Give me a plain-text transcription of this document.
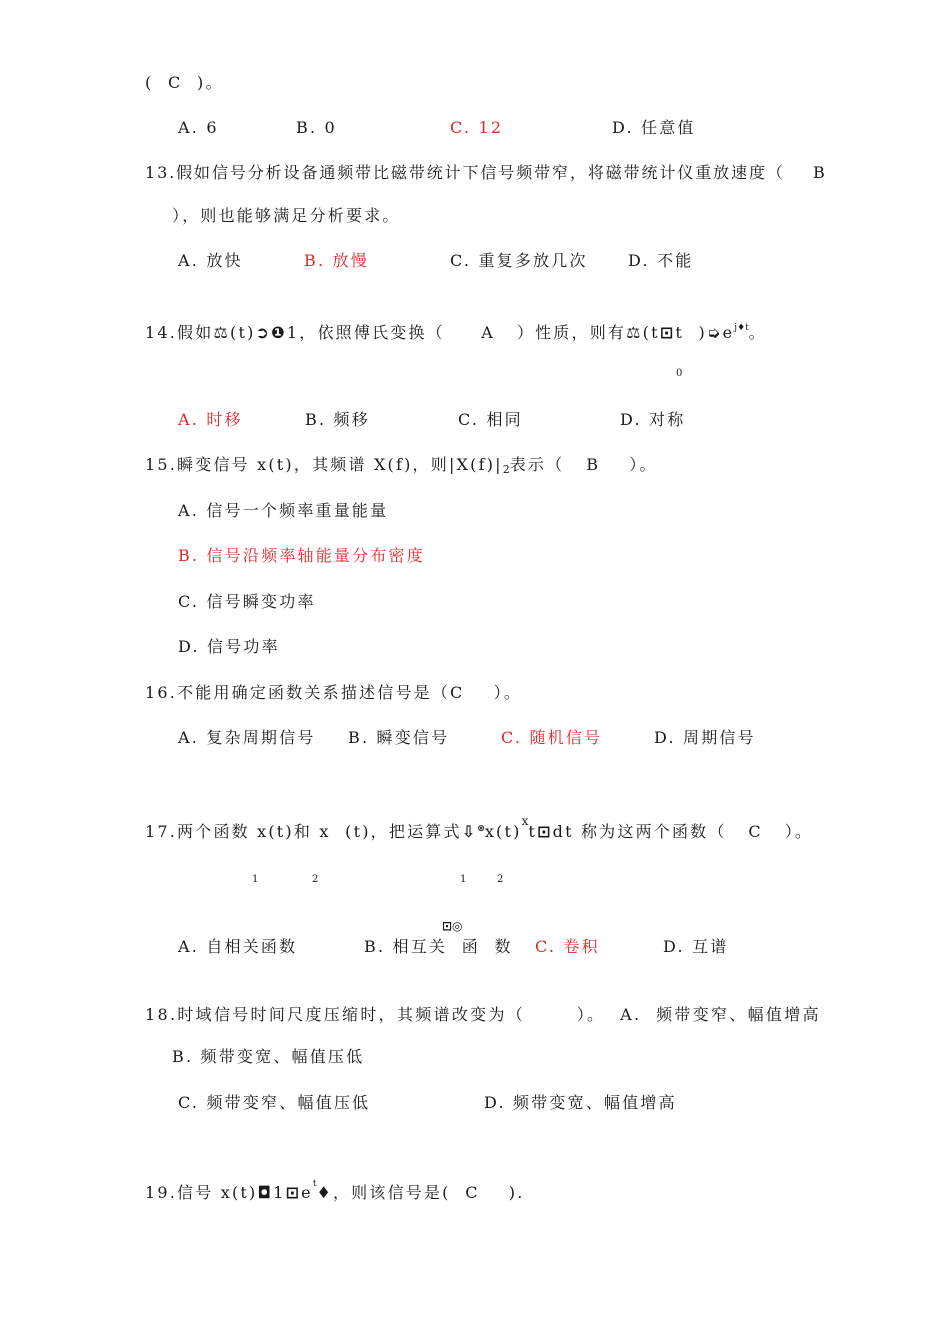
(  C  )。
A. 6	B. 0	C. 12	D. 任意值
13.假如信号分析设备通频带比磁带统计下信号频带窄，将磁带统计仪重放速度（ B
），则也能够满足分析要求。
A. 放快	B. 放慢	C. 重复多放几次	D. 不能
14.假如⚖(t)➲❶1，依照傅氏变换（     A   ）性质，则有⚖(t⊡t  )$➭e^{j♦t}$。
0
A. 时移	B. 频移	C. 相同	D. 对称
15.瞬变信号 x(t)，其频谱 X(f)，则|X(f)|2表示（   B    ）。
A. 信号一个频率重量能量
B. 信号沿频率轴能量分布密度
C. 信号瞬变功率
D. 信号功率
16.不能用确定函数关系描述信号是（C    ）。
A. 复杂周期信号 B. 瞬变信号	C. 随机信号	D. 周期信号
17.两个函数 x(t)和 x  (t)，把运算式$⇩^\otimes x(t)^xt⊡dt$ 称为这两个函数（   C   ）。
1	2	1	2
⊡◎
A. 自相关函数	B. 相互关  函  数 C. 卷积	D. 互谱
18.时域信号时间尺度压缩时，其频谱改变为（       ）。  A.  频带变窄、幅值增高
B. 频带变宽、幅值压低
C. 频带变窄、幅值压低	D. 频带变宽、幅值增高
19.信号 $x(t)◘1⊡e^t♦$，则该信号是(  C    ).
